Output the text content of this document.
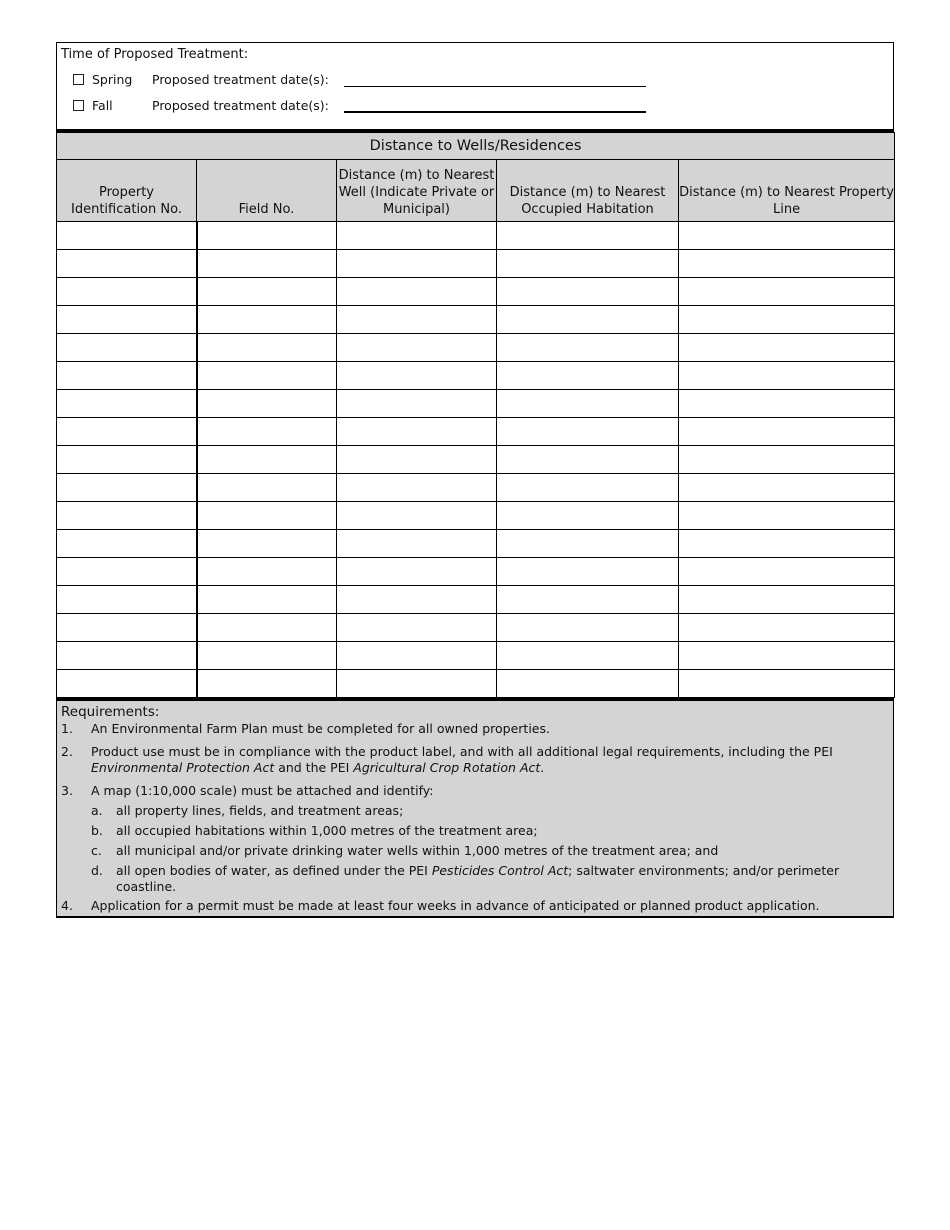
Time of Proposed Treatment:
Spring	Proposed treatment date(s):
Fall	Proposed treatment date(s):
Distance to Wells/Residences				
Property Identification No.	Field No.	Distance (m) to Nearest Well (Indicate Private or Municipal)	Distance (m) to Nearest Occupied Habitation	Distance (m) to Nearest Property Line

Requirements:
1.	An Environmental Farm Plan must be completed for all owned properties.
2.	Product use must be in compliance with the product label, and with all additional legal requirements, including the PEI Environmental Protection Act and the PEI Agricultural Crop Rotation Act.
3.	A map (1:10,000 scale) must be attached and identify:
a.	all property lines, fields, and treatment areas;
b.	all occupied habitations within 1,000 metres of the treatment area;
c.	all municipal and/or private drinking water wells within 1,000 metres of the treatment area; and
d.	all open bodies of water, as defined under the PEI Pesticides Control Act; saltwater environments; and/or perimeter coastline.
4.	Application for a permit must be made at least four weeks in advance of anticipated or planned product application.
